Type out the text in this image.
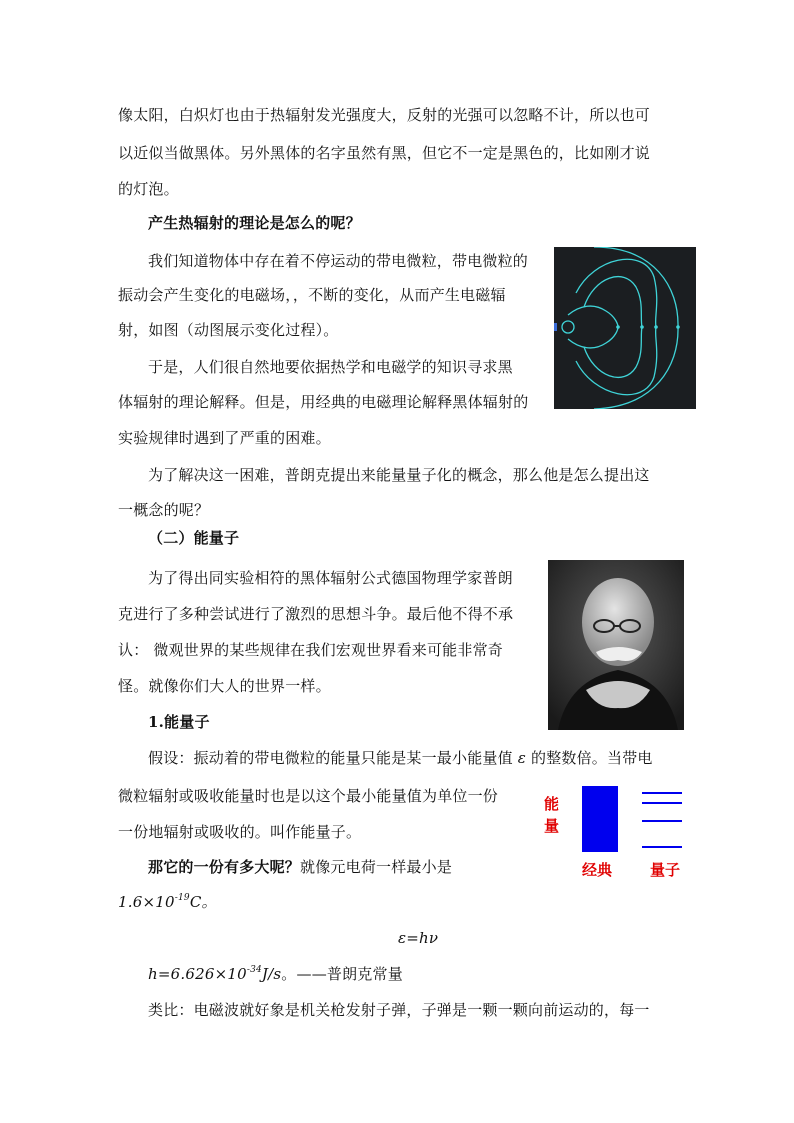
像太阳，白炽灯也由于热辐射发光强度大，反射的光强可以忽略不计，所以也可
以近似当做黑体。另外黑体的名字虽然有黑，但它不一定是黑色的，比如刚才说
的灯泡。
产生热辐射的理论是怎么的呢？
我们知道物体中存在着不停运动的带电微粒，带电微粒的
振动会产生变化的电磁场，，不断的变化，从而产生电磁辐
射，如图（动图展示变化过程）。
于是，人们很自然地要依据热学和电磁学的知识寻求黑
体辐射的理论解释。但是，用经典的电磁理论解释黑体辐射的
实验规律时遇到了严重的困难。
为了解决这一困难，普朗克提出来能量量子化的概念，那么他是怎么提出这
一概念的呢？
（二）能量子
为了得出同实验相符的黑体辐射公式德国物理学家普朗
克进行了多种尝试进行了激烈的思想斗争。最后他不得不承
认： 微观世界的某些规律在我们宏观世界看来可能非常奇
怪。就像你们大人的世界一样。
1.能量子
假设：振动着的带电微粒的能量只能是某一最小能量值 ε 的整数倍。当带电
微粒辐射或吸收能量时也是以这个最小能量值为单位一份
一份地辐射或吸收的。叫作能量子。
能
量
经典	量子
那它的一份有多大呢？就像元电荷一样最小是
$1.6\times 10^{-19}C$。
ε=hν
$h=6.626\times 10^{-34}J/s$。——普朗克常量
类比：电磁波就好象是机关枪发射子弹，子弹是一颗一颗向前运动的，每一
